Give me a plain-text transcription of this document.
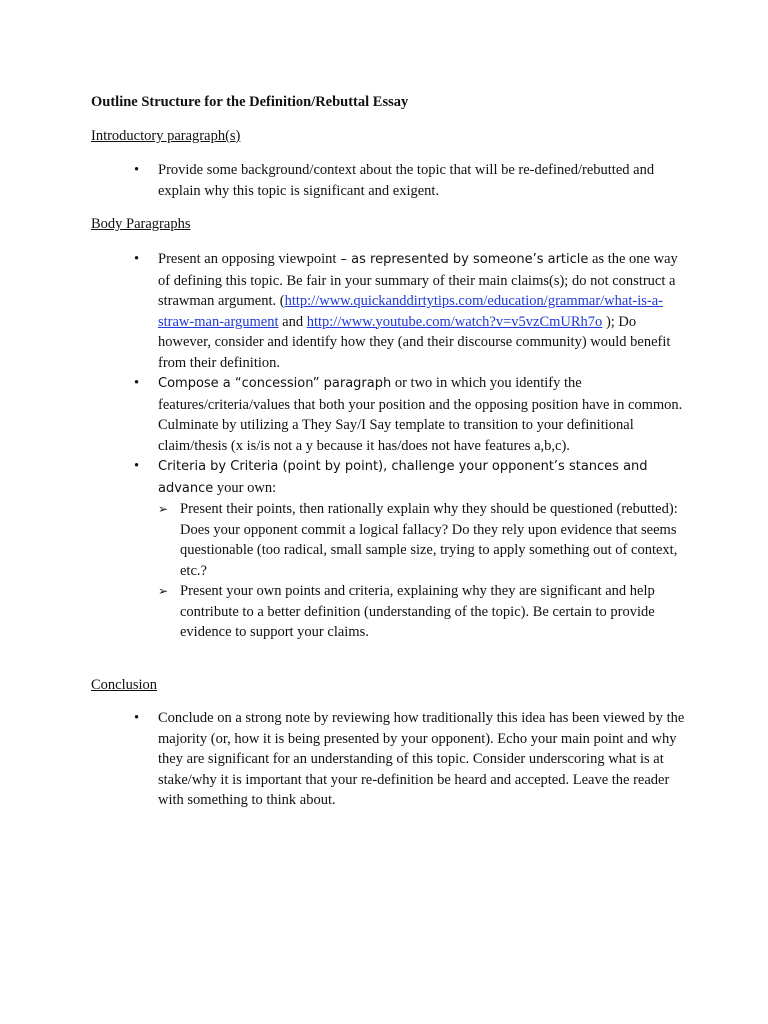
Outline Structure for the Definition/Rebuttal Essay
Introductory paragraph(s)
• Provide some background/context about the topic that will be re-defined/rebutted and explain why this topic is significant and exigent.
Body Paragraphs
• Present an opposing viewpoint – as represented by someone’s article as the one way of defining this topic. Be fair in your summary of their main claims(s); do not construct a strawman argument. (http://www.quickanddirtytips.com/education/grammar/what-is-a-straw-man-argument and http://www.youtube.com/watch?v=v5vzCmURh7o ); Do however, consider and identify how they (and their discourse community) would benefit from their definition.
• Compose a “concession” paragraph or two in which you identify the features/criteria/values that both your position and the opposing position have in common. Culminate by utilizing a They Say/I Say template to transition to your definitional claim/thesis (x is/is not a y because it has/does not have features a,b,c).
• Criteria by Criteria (point by point), challenge your opponent’s stances and advance your own:
➢ Present their points, then rationally explain why they should be questioned (rebutted): Does your opponent commit a logical fallacy? Do they rely upon evidence that seems questionable (too radical, small sample size, trying to apply something out of context, etc.?
➢ Present your own points and criteria, explaining why they are significant and help contribute to a better definition (understanding of the topic). Be certain to provide evidence to support your claims.
Conclusion
• Conclude on a strong note by reviewing how traditionally this idea has been viewed by the majority (or, how it is being presented by your opponent). Echo your main point and why they are significant for an understanding of this topic. Consider underscoring what is at stake/why it is important that your re-definition be heard and accepted. Leave the reader with something to think about.
